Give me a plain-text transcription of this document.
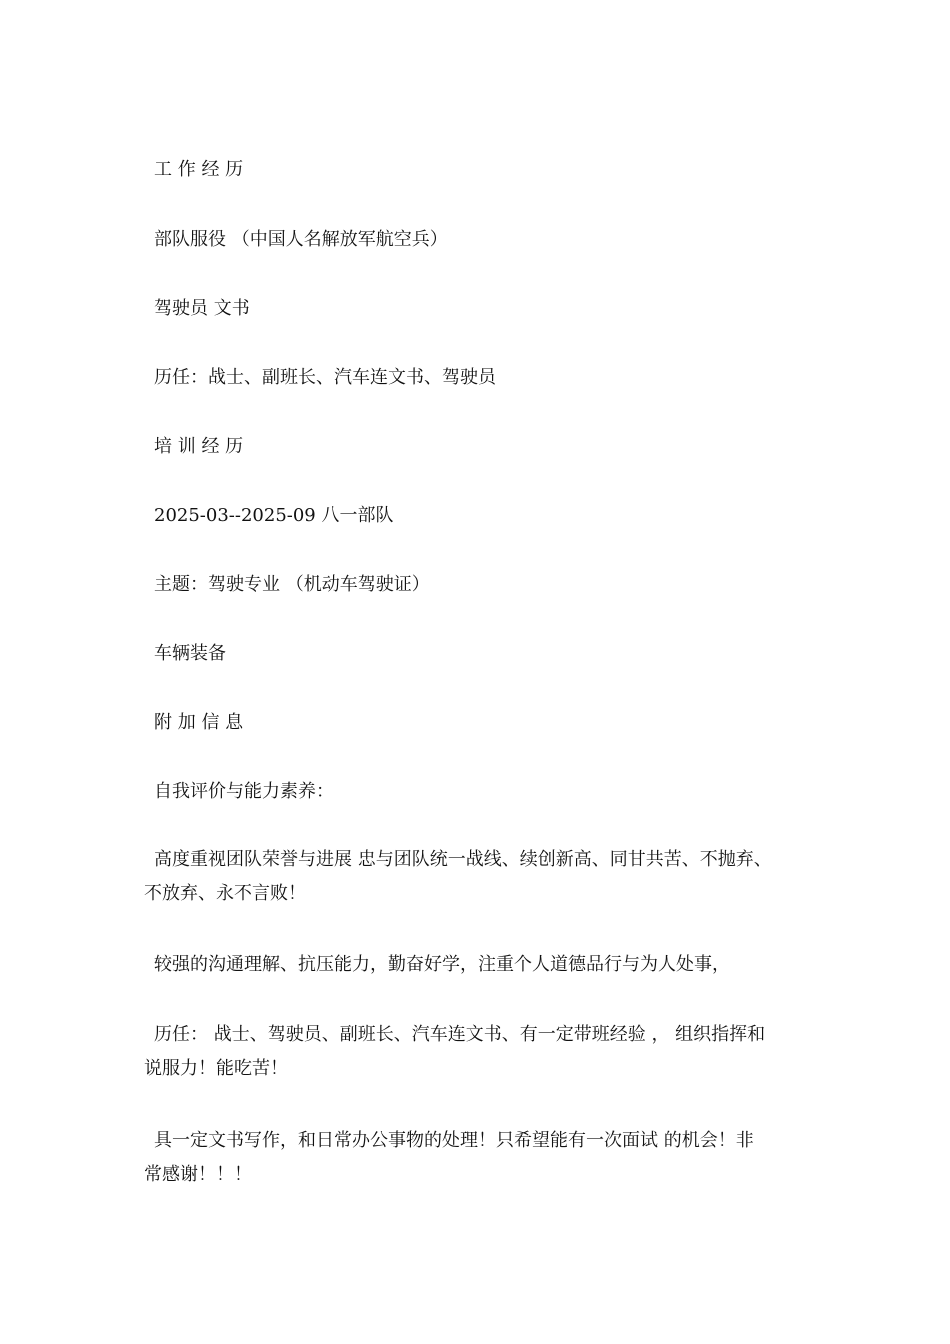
工 作 经 历
部队服役 （中国人名解放军航空兵）
驾驶员 文书
历任：战士、副班长、汽车连文书、驾驶员
培 训 经 历
2025-03--2025-09 八一部队
主题：驾驶专业 （机动车驾驶证）
车辆装备
附 加 信 息
自我评价与能力素养：
高度重视团队荣誉与进展 忠与团队统一战线、续创新高、同甘共苦、不抛弃、
不放弃、永不言败！
较强的沟通理解、抗压能力，勤奋好学，注重个人道德品行与为人处事，
历任： 战士、驾驶员、副班长、汽车连文书、有一定带班经验 ， 组织指挥和
说服力！能吃苦！
具一定文书写作，和日常办公事物的处理！只希望能有一次面试 的机会！非
常感谢！！！
